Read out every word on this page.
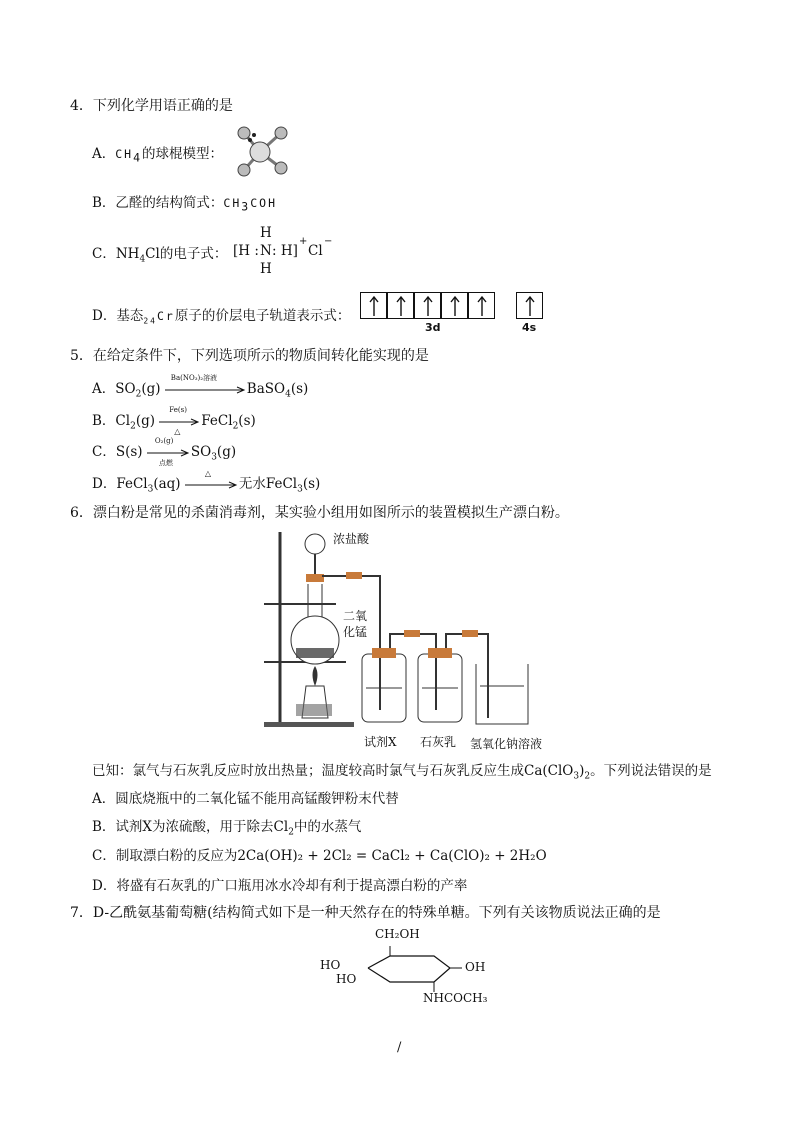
4．下列化学用语正确的是
A．$CH_4$的球棍模型：
B．乙醛的结构简式：$CH_3COH$
C．$NH_4Cl$的电子式：
H
[H : N : H]
+
Cl
−
H
D．基态$_{24}$Cr原子的价层电子轨道表示式：
3d	4s
5．在给定条件下，下列选项所示的物质间转化能实现的是
A．$SO_2(g)$
Ba(NO₃)₂溶液
BaSO$_4$(s)
B．$Cl_2(g)$
Fe(s)
△
FeCl$_2$(s)
C．S(s)
O₂(g)
点燃
$SO_3(g)$
D．FeCl$_3$(aq)
△
无水FeCl$_3$(s)
6．漂白粉是常见的杀菌消毒剂，某实验小组用如图所示的装置模拟生产漂白粉。
浓盐酸
二氧
化锰
试剂X 石灰乳 氢氧化钠溶液
已知：氯气与石灰乳反应时放出热量；温度较高时氯气与石灰乳反应生成$Ca(ClO_3)_2$。下列说法错误的是
A．圆底烧瓶中的二氧化锰不能用高锰酸钾粉末代替
B．试剂X为浓硫酸，用于除去$Cl_2$中的水蒸气
C．制取漂白粉的反应为2Ca(OH)₂ + 2Cl₂ = CaCl₂ + Ca(ClO)₂ + 2H₂O
D．将盛有石灰乳的广口瓶用冰水冷却有利于提高漂白粉的产率
7．D-乙酰氨基葡萄糖(结构简式如下是一种天然存在的特殊单糖。下列有关该物质说法正确的是
CH₂OH
OH
HO
HO
NHCOCH₃
/
